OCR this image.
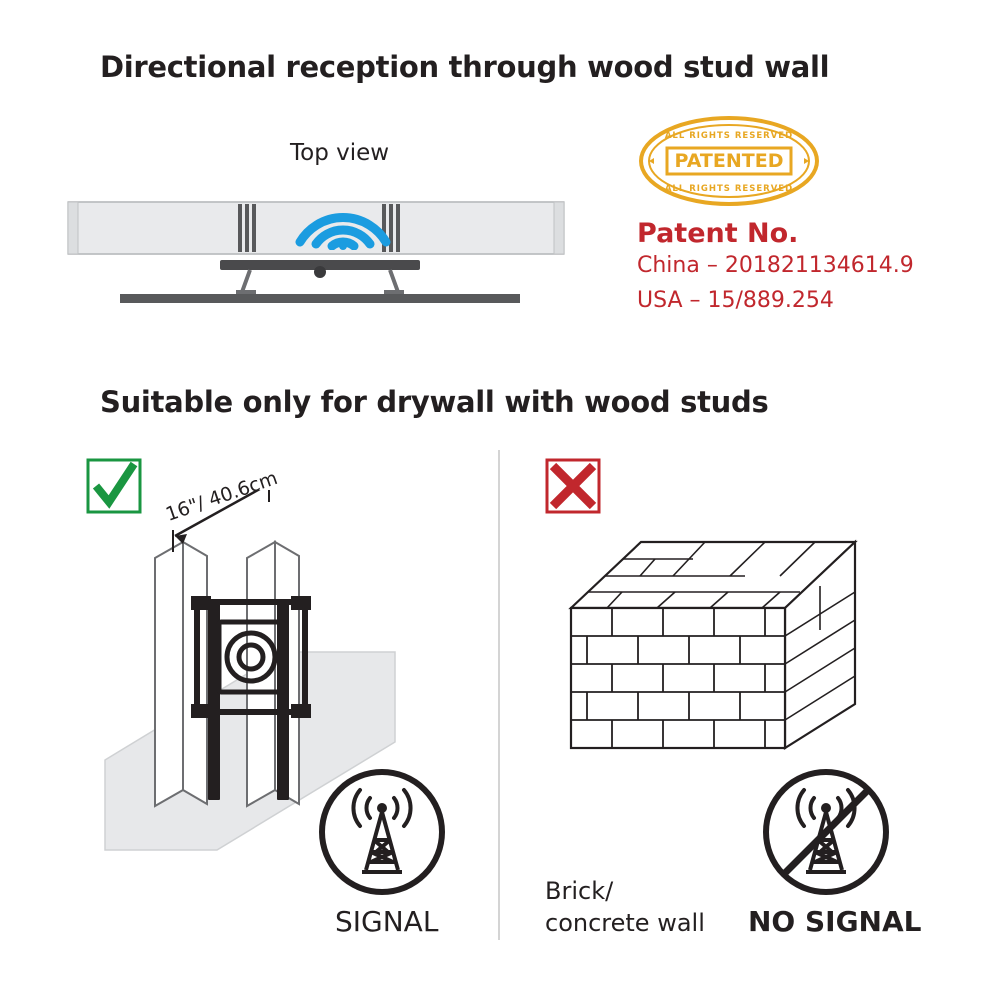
Directional reception through wood stud wall
Top view	PATENTED
ALL RIGHTS RESERVED
ALL RIGHTS RESERVED
Patent No.
China – 201821134614.9
USA – 15/889.254
Suitable only for drywall with wood studs
16"/ 40.6cm
SIGNAL
Brick/
concrete wall NO SIGNAL
